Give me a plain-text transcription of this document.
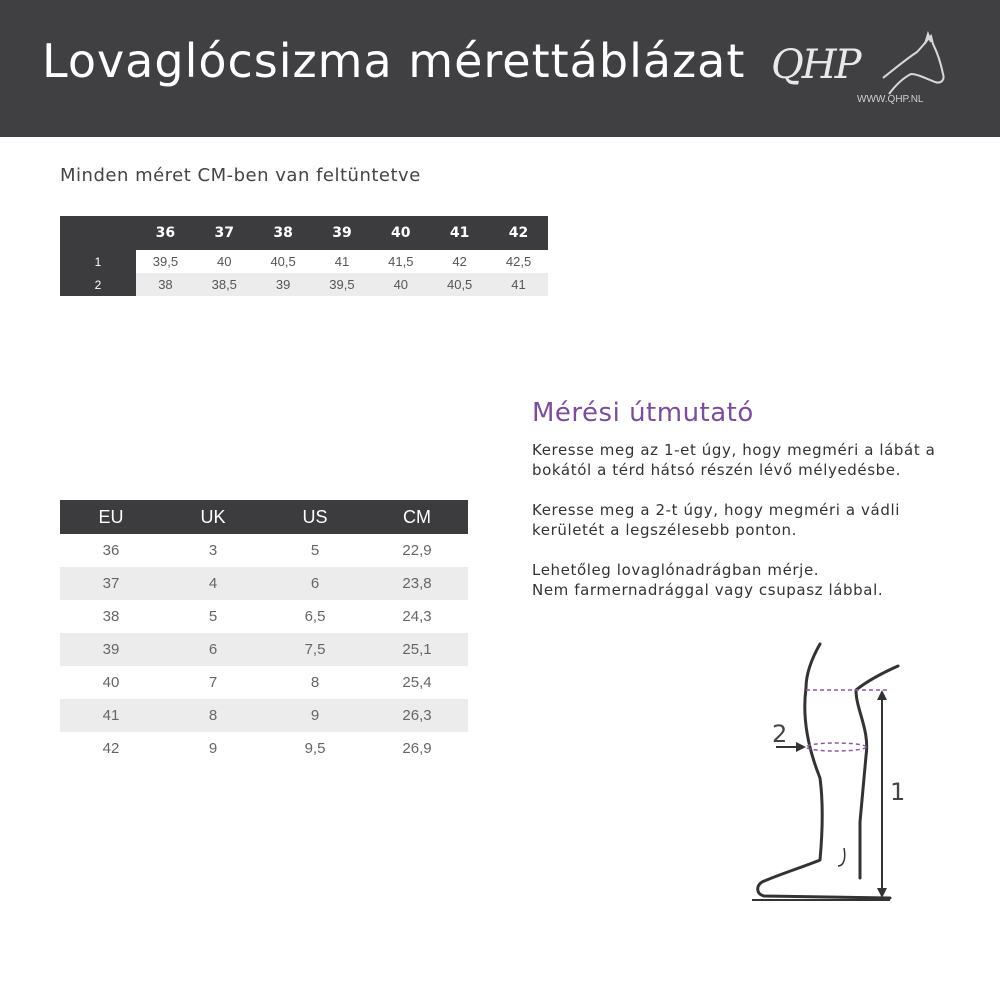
Lovaglócsizma mérettáblázat QHP
WWW.QHP.NL
Minden méret CM-ben van feltüntetve
	36	37	38	39	40	41	42
1	39,5	40	40,5	41	41,5	42	42,5
2	38	38,5	39	39,5	40	40,5	41
EU	UK	US	CM
36	3	5	22,9
37	4	6	23,8
38	5	6,5	24,3
39	6	7,5	25,1
40	7	8	25,4
41	8	9	26,3
42	9	9,5	26,9
Mérési útmutató

Keresse meg az 1-et úgy, hogy megméri a lábát a
bokától a térd hátsó részén lévő mélyedésbe.

Keresse meg a 2-t úgy, hogy megméri a vádli
kerületét a legszélesebb ponton.

Lehetőleg lovaglónadrágban mérje.
Nem farmernadrággal vagy csupasz lábbal.

1
2
